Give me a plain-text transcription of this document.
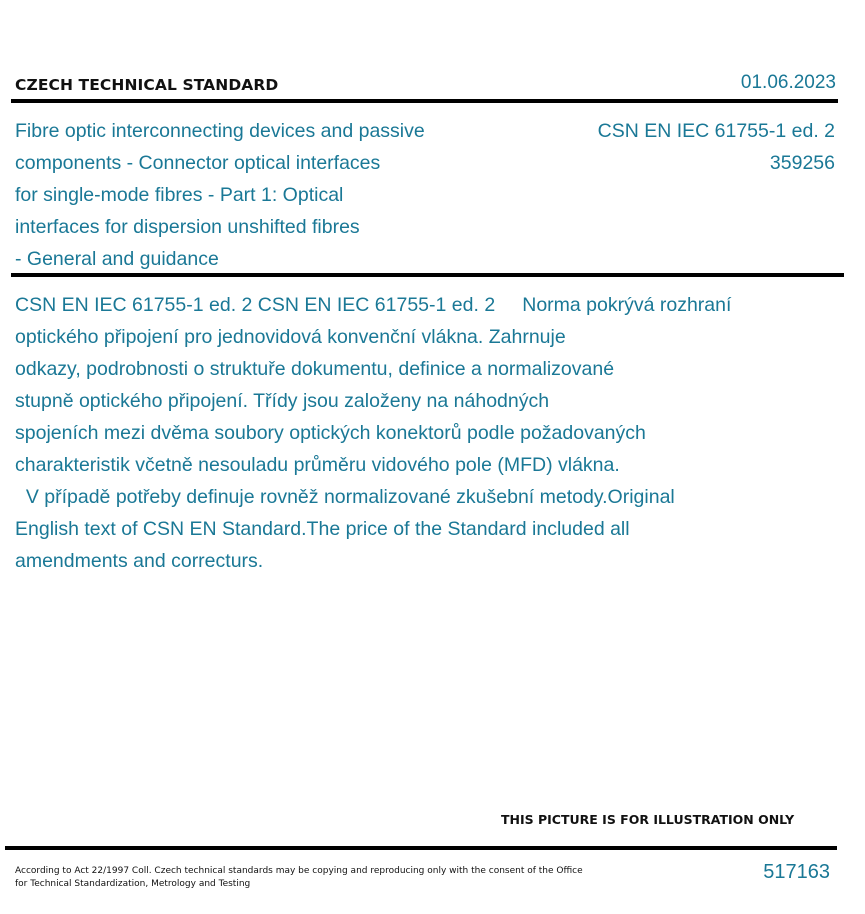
CZECH TECHNICAL STANDARD	01.06.2023
Fibre optic interconnecting devices and passive
components - Connector optical interfaces
for single-mode fibres - Part 1: Optical
interfaces for dispersion unshifted fibres
- General and guidance
CSN EN IEC 61755-1 ed. 2
359256
CSN EN IEC 61755-1 ed. 2 CSN EN IEC 61755-1 ed. 2     Norma pokrývá rozhraní
optického připojení pro jednovidová konvenční vlákna. Zahrnuje
odkazy, podrobnosti o struktuře dokumentu, definice a normalizované
stupně optického připojení. Třídy jsou založeny na náhodných
spojeních mezi dvěma soubory optických konektorů podle požadovaných
charakteristik včetně nesouladu průměru vidového pole (MFD) vlákna.
V případě potřeby definuje rovněž normalizované zkušební metody.Original
English text of CSN EN Standard.The price of the Standard included all
amendments and correcturs.
THIS PICTURE IS FOR ILLUSTRATION ONLY
According to Act 22/1997 Coll. Czech technical standards may be copying and reproducing only with the consent of the Office
for Technical Standardization, Metrology and Testing
517163
